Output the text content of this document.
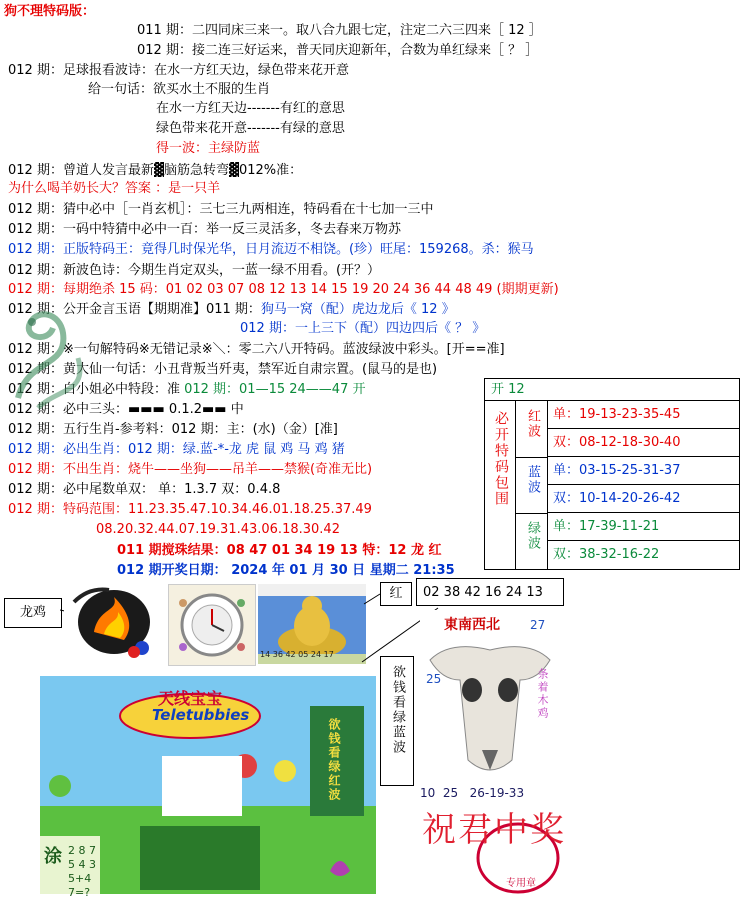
狗不理特码版：
011 期：二四同床三来一。取八合九跟七定，注定二六三四来［ 12 ］
012 期：接二连三好运来，普天同庆迎新年，合数为单红绿来［ ？ ］
012 期：足球报看波诗：在水一方红天边，绿色带来花开意
给一句话：欲买水土不服的生肖
在水一方红天边-------有红的意思
绿色带来花开意-------有绿的意思
得一波：主绿防蓝
012 期：曾道人发言最新▓脑筋急转弯▓012%准：
为什么喝羊奶长大？答案 ：是一只羊
012 期：猜中必中［一肖玄机］：三七三九两相连，特码看在十七加一三中
012 期：一码中特猜中必中一百：举一反三灵活多，冬去春来万物苏
012 期：正版特码王：竟得几时保光华，日月流迈不相饶。(珍）旺尾：159268。杀：猴马
012 期：新波色诗：今期生肖定双头，一蓝一绿不用看。(开？）
012 期：每期绝杀 15 码：01 02 03 07 08 12 13 14 15 19 20 24 36 44 48 49 (期期更新)
012 期：公开金言玉语【期期准】011 期：狗马一窝（配）虎边龙后《 12 》
012 期：一上三下（配）四边四后《 ？ 》
012 期：※一句解特码※无错记录※＼：零二六八开特码。蓝波绿波中彩头。[开==准]
012 期：黄大仙一句话：小丑背叛当歼夷，禁军近自肃宗置。(鼠马的是也)
012 期：白小姐必中特段：准 012 期：01—15 24——47 开
012 期：必中三头：▬▬▬ 0.1.2▬▬ 中
012 期：五行生肖-参考料：012 期：主：(水)（金）[准]
012 期：必出生肖：012 期：绿.蓝-*-龙 虎 鼠 鸡 马 鸡 猪
012 期：不出生肖：烧牛——坐狗——吊羊——禁猴(奇准无比)
012 期：必中尾数单双： 单：1.3.7 双：0.4.8
012 期：特码范围：11.23.35.47.10.34.46.01.18.25.37.49
08.20.32.44.07.19.31.43.06.18.30.42
011 期搅珠结果：08 47 01 34 19 13 特：12 龙 红
012 期开奖日期： 2024 年 01 月 30 日 星期二 21:35
开 12
必开特码包围 红波	单：19-13-23-35-45
双：08-12-18-30-40
蓝波	单：03-15-25-31-37
双：10-14-20-26-42
绿波	单：17-39-11-21
双：38-32-16-22
龙鸡
14 36 42 05 24 17
红	02 38 42 16 24 13
欲钱看绿蓝波
天线宝宝
Teletubbies
欲钱看绿红波
涂 2 8 7 5 4 3 5+4 7=?
東南西北	27
25	条着木鸡
10  25   26-19-33
祝君中奖
专用章
